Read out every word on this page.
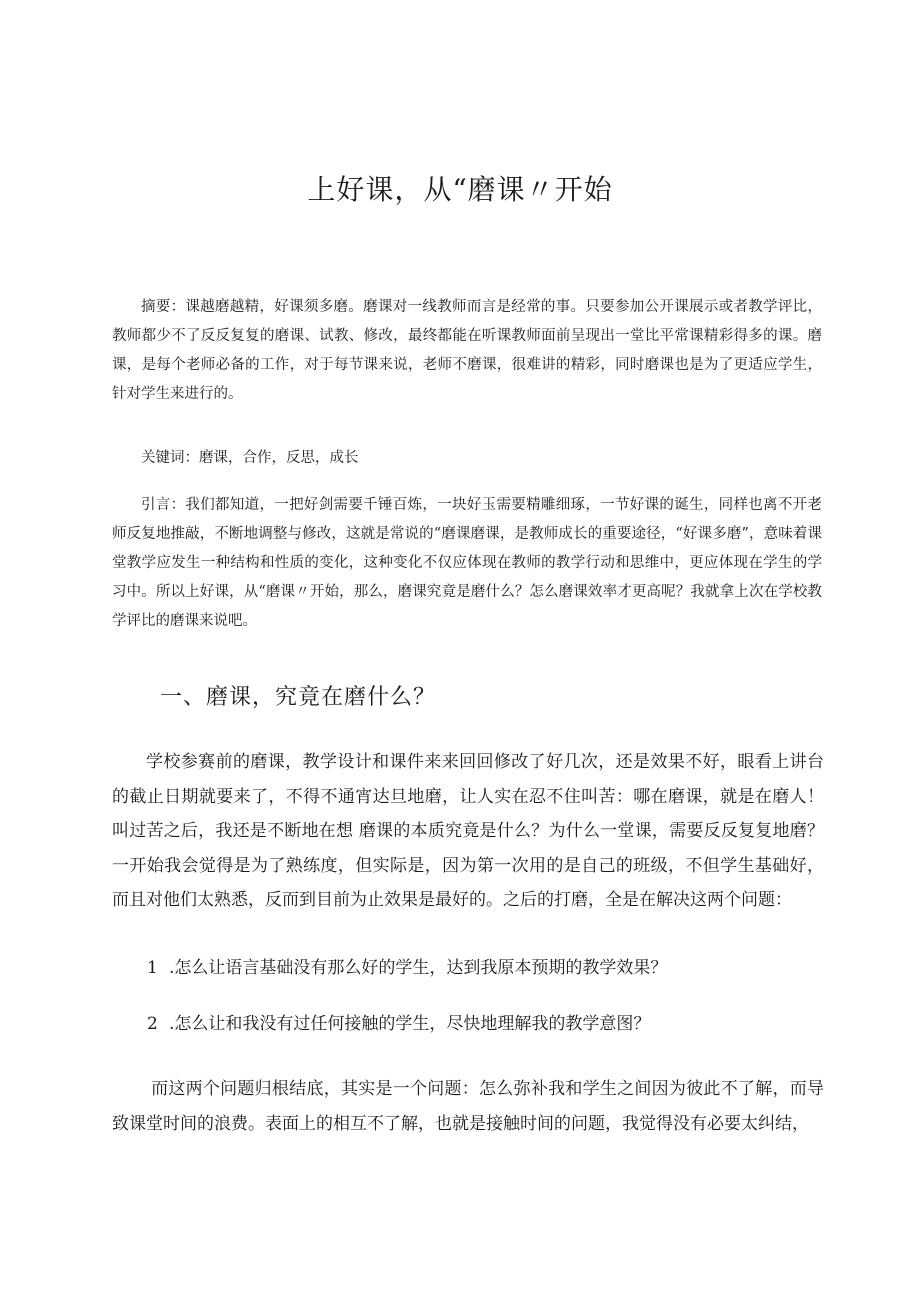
上好课，从“磨课〃开始

摘要：课越磨越精，好课须多磨。磨课对一线教师而言是经常的事。只要参加公开课展示或者教学评比，教师都少不了反反复复的磨课、试教、修改，最终都能在听课教师面前呈现出一堂比平常课精彩得多的课。磨课，是每个老师必备的工作，对于每节课来说，老师不磨课，很难讲的精彩，同时磨课也是为了更适应学生，针对学生来进行的。

关键词：磨课，合作，反思，成长

引言：我们都知道，一把好剑需要千锤百炼，一块好玉需要精雕细琢，一节好课的诞生，同样也离不开老师反复地推敲，不断地调整与修改，这就是常说的“磨课磨课，是教师成长的重要途径，“好课多磨”，意味着课堂教学应发生一种结构和性质的变化，这种变化不仅应体现在教师的教学行动和思维中，更应体现在学生的学习中。所以上好课，从“磨课〃开始，那么，磨课究竟是磨什么？怎么磨课效率才更高呢？我就拿上次在学校教学评比的磨课来说吧。

一、磨课，究竟在磨什么？

学校参赛前的磨课，教学设计和课件来来回回修改了好几次，还是效果不好，眼看上讲台的截止日期就要来了，不得不通宵达旦地磨，让人实在忍不住叫苦：哪在磨课，就是在磨人！叫过苦之后，我还是不断地在想 磨课的本质究竟是什么？为什么一堂课，需要反反复复地磨？一开始我会觉得是为了熟练度，但实际是，因为第一次用的是自己的班级，不但学生基础好，而且对他们太熟悉，反而到目前为止效果是最好的。之后的打磨，全是在解决这两个问题：

1 .怎么让语言基础没有那么好的学生，达到我原本预期的教学效果？

2 .怎么让和我没有过任何接触的学生，尽快地理解我的教学意图？

而这两个问题归根结底，其实是一个问题：怎么弥补我和学生之间因为彼此不了解，而导致课堂时间的浪费。表面上的相互不了解，也就是接触时间的问题，我觉得没有必要太纠结，
